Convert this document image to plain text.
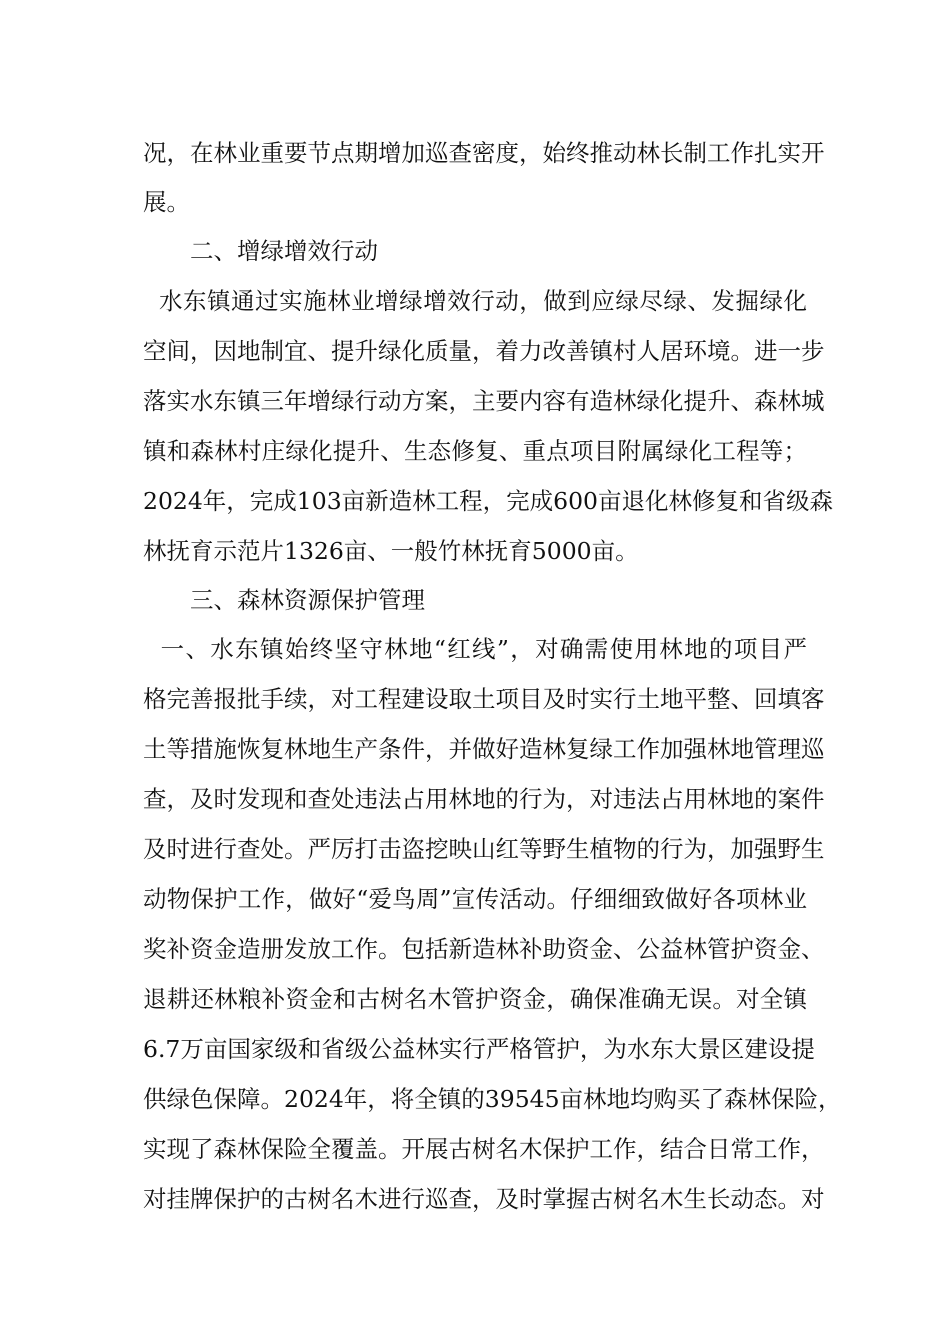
况，在林业重要节点期增加巡查密度，始终推动林长制工作扎实开
展。
二、增绿增效行动
水东镇通过实施林业增绿增效行动，做到应绿尽绿、发掘绿化
空间，因地制宜、提升绿化质量，着力改善镇村人居环境。进一步
落实水东镇三年增绿行动方案，主要内容有造林绿化提升、森林城
镇和森林村庄绿化提升、生态修复、重点项目附属绿化工程等；
2024年，完成103亩新造林工程，完成600亩退化林修复和省级森
林抚育示范片1326亩、一般竹林抚育5000亩。
三、森林资源保护管理
一、水东镇始终坚守林地“红线”，对确需使用林地的项目严
格完善报批手续，对工程建设取土项目及时实行土地平整、回填客
土等措施恢复林地生产条件，并做好造林复绿工作加强林地管理巡
查，及时发现和查处违法占用林地的行为，对违法占用林地的案件
及时进行查处。严厉打击盗挖映山红等野生植物的行为，加强野生
动物保护工作，做好“爱鸟周”宣传活动。仔细细致做好各项林业
奖补资金造册发放工作。包括新造林补助资金、公益林管护资金、
退耕还林粮补资金和古树名木管护资金，确保准确无误。对全镇
6.7万亩国家级和省级公益林实行严格管护，为水东大景区建设提
供绿色保障。2024年，将全镇的39545亩林地均购买了森林保险，
实现了森林保险全覆盖。开展古树名木保护工作，结合日常工作，
对挂牌保护的古树名木进行巡查，及时掌握古树名木生长动态。对
